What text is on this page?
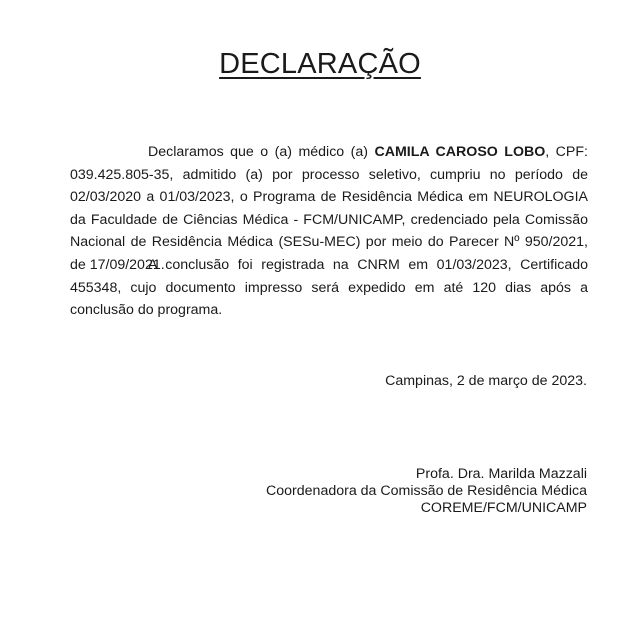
DECLARAÇÃO
Declaramos que o (a) médico (a) CAMILA CAROSO LOBO, CPF: 039.425.805-35, admitido (a) por processo seletivo, cumpriu no período de 02/03/2020 a 01/03/2023, o Programa de Residência Médica em NEUROLOGIA da Faculdade de Ciências Médica - FCM/UNICAMP, credenciado pela Comissão Nacional de Residência Médica (SESu-MEC) por meio do Parecer Nº 950/2021, de 17/09/2021.
A conclusão foi registrada na CNRM em 01/03/2023, Certificado 455348, cujo documento impresso será expedido em até 120 dias após a conclusão do programa.
Campinas, 2 de março de 2023.
Profa. Dra. Marilda Mazzali
Coordenadora da Comissão de Residência Médica
COREME/FCM/UNICAMP
